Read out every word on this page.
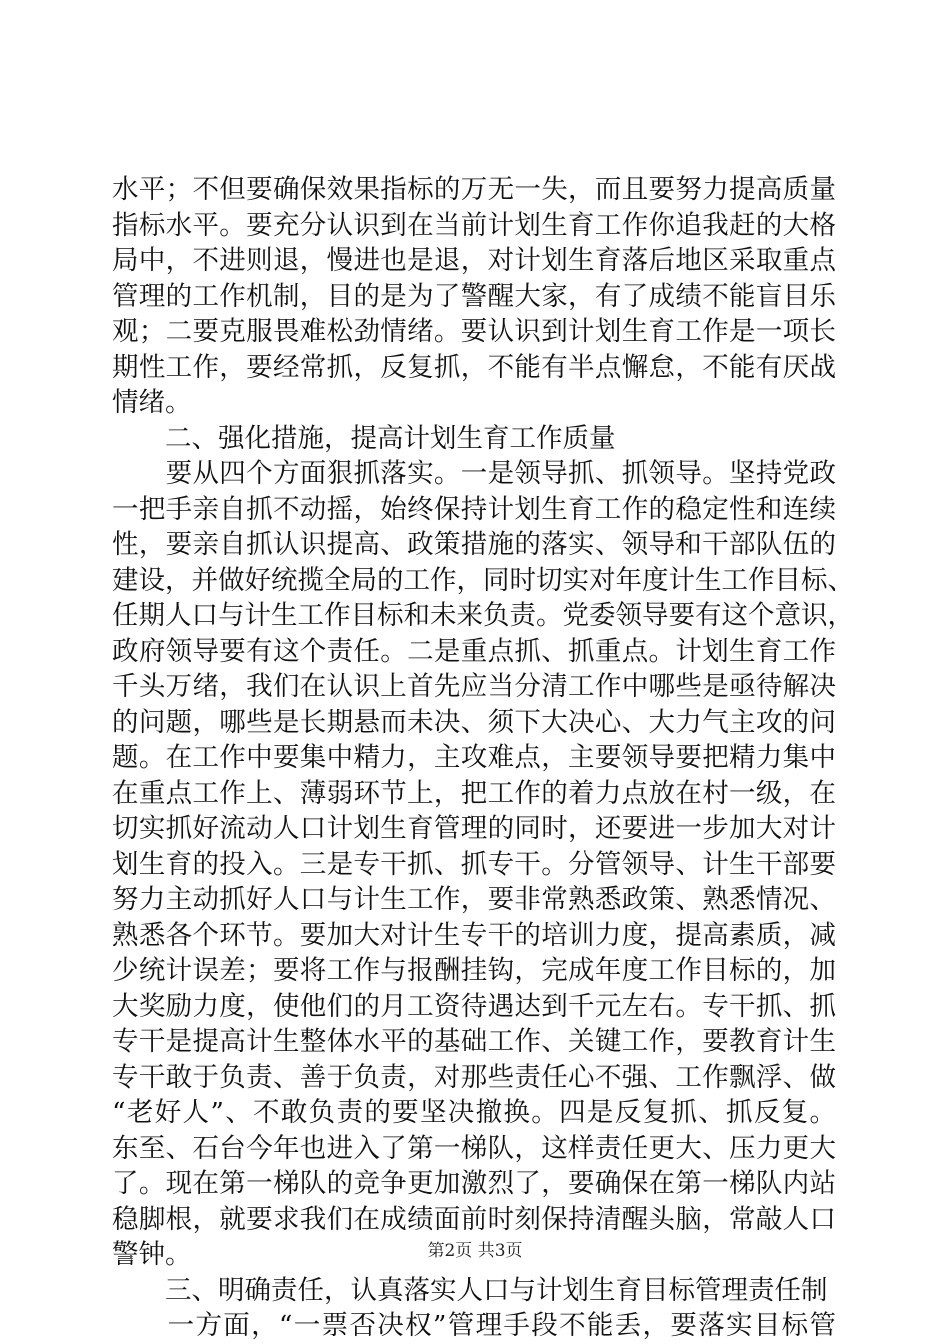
水平；不但要确保效果指标的万无一失，而且要努力提高质量
指标水平。要充分认识到在当前计划生育工作你追我赶的大格
局中，不进则退，慢进也是退，对计划生育落后地区采取重点
管理的工作机制，目的是为了警醒大家，有了成绩不能盲目乐
观；二要克服畏难松劲情绪。要认识到计划生育工作是一项长
期性工作，要经常抓，反复抓，不能有半点懈怠，不能有厌战
情绪。
　　二、强化措施，提高计划生育工作质量
　　要从四个方面狠抓落实。一是领导抓、抓领导。坚持党政
一把手亲自抓不动摇，始终保持计划生育工作的稳定性和连续
性，要亲自抓认识提高、政策措施的落实、领导和干部队伍的
建设，并做好统揽全局的工作，同时切实对年度计生工作目标、
任期人口与计生工作目标和未来负责。党委领导要有这个意识，
政府领导要有这个责任。二是重点抓、抓重点。计划生育工作
千头万绪，我们在认识上首先应当分清工作中哪些是亟待解决
的问题，哪些是长期悬而未决、须下大决心、大力气主攻的问
题。在工作中要集中精力，主攻难点，主要领导要把精力集中
在重点工作上、薄弱环节上，把工作的着力点放在村一级，在
切实抓好流动人口计划生育管理的同时，还要进一步加大对计
划生育的投入。三是专干抓、抓专干。分管领导、计生干部要
努力主动抓好人口与计生工作，要非常熟悉政策、熟悉情况、
熟悉各个环节。要加大对计生专干的培训力度，提高素质，减
少统计误差；要将工作与报酬挂钩，完成年度工作目标的，加
大奖励力度，使他们的月工资待遇达到千元左右。专干抓、抓
专干是提高计生整体水平的基础工作、关键工作，要教育计生
专干敢于负责、善于负责，对那些责任心不强、工作飘浮、做
“老好人”、不敢负责的要坚决撤换。四是反复抓、抓反复。
东至、石台今年也进入了第一梯队，这样责任更大、压力更大
了。现在第一梯队的竞争更加激烈了，要确保在第一梯队内站
稳脚根，就要求我们在成绩面前时刻保持清醒头脑，常敲人口
警钟。
　　三、明确责任，认真落实人口与计划生育目标管理责任制
　　一方面，“一票否决权”管理手段不能丢，要落实目标管
第2页 共3页
